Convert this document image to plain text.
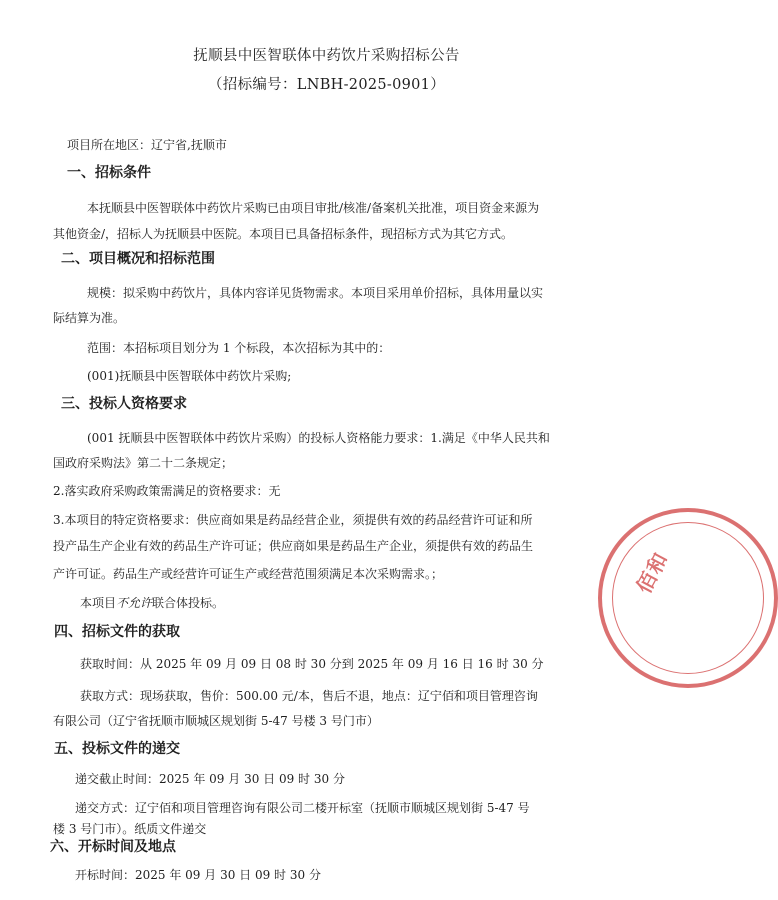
抚顺县中医智联体中药饮片采购招标公告
（招标编号：LNBH-2025-0901）
项目所在地区：辽宁省,抚顺市
一、招标条件
本抚顺县中医智联体中药饮片采购已由项目审批/核准/备案机关批准，项目资金来源为
其他资金/，招标人为抚顺县中医院。本项目已具备招标条件，现招标方式为其它方式。
二、项目概况和招标范围
规模：拟采购中药饮片，具体内容详见货物需求。本项目采用单价招标，具体用量以实
际结算为准。
范围：本招标项目划分为 1 个标段，本次招标为其中的：
(001)抚顺县中医智联体中药饮片采购;
三、投标人资格要求
(001 抚顺县中医智联体中药饮片采购）的投标人资格能力要求：1.满足《中华人民共和
国政府采购法》第二十二条规定；
2.落实政府采购政策需满足的资格要求：无
3.本项目的特定资格要求：供应商如果是药品经营企业，须提供有效的药品经营许可证和所
投产品生产企业有效的药品生产许可证；供应商如果是药品生产企业，须提供有效的药品生
产许可证。药品生产或经营许可证生产或经营范围须满足本次采购需求。；
本项目不允许联合体投标。
四、招标文件的获取
获取时间：从 2025 年 09 月 09 日 08 时 30 分到 2025 年 09 月 16 日 16 时 30 分
获取方式：现场获取，售价：500.00 元/本，售后不退，地点：辽宁佰和项目管理咨询
有限公司（辽宁省抚顺市顺城区规划街 5-47 号楼 3 号门市）
五、投标文件的递交
递交截止时间：2025 年 09 月 30 日 09 时 30 分
递交方式：辽宁佰和项目管理咨询有限公司二楼开标室（抚顺市顺城区规划街 5-47 号
楼 3 号门市）。纸质文件递交
六、开标时间及地点
开标时间：2025 年 09 月 30 日 09 时 30 分
佰和
